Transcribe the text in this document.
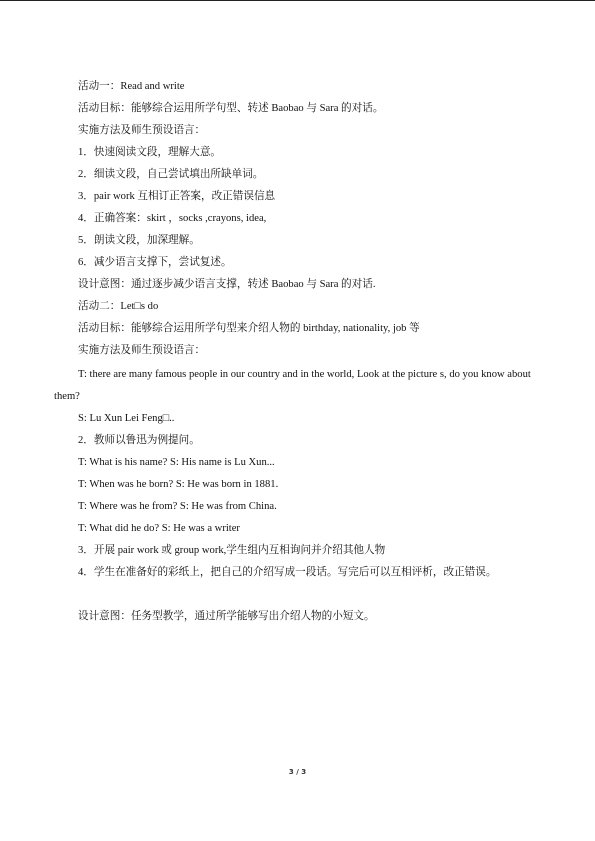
活动一：Read and write
活动目标：能够综合运用所学句型、转述 Baobao 与 Sara 的对话。
实施方法及师生预设语言：
1．快速阅读文段，理解大意。
2．细读文段，自己尝试填出所缺单词。
3．pair work 互相订正答案，改正错误信息
4．正确答案：skirt ，socks ,crayons, idea,
5．朗读文段，加深理解。
6．减少语言支撑下，尝试复述。
设计意图：通过逐步减少语言支撑，转述 Baobao 与 Sara 的对话.
活动二：Let□s do
活动目标：能够综合运用所学句型来介绍人物的 birthday, nationality, job 等
实施方法及师生预设语言：
T: there are many famous people in our country and in the world, Look at the picture s, do you know about them?
S: Lu Xun Lei Feng□..
2．教师以鲁迅为例提问。
T: What is his name? S: His name is Lu Xun...
T: When was he born? S: He was born in 1881.
T: Where was he from? S: He was from China.
T: What did he do? S: He was a writer
3．开展 pair work 或 group work,学生组内互相询问并介绍其他人物
4．学生在准备好的彩纸上，把自己的介绍写成一段话。写完后可以互相评析，改正错误。
设计意图：任务型教学，通过所学能够写出介绍人物的小短文。
3 / 3
